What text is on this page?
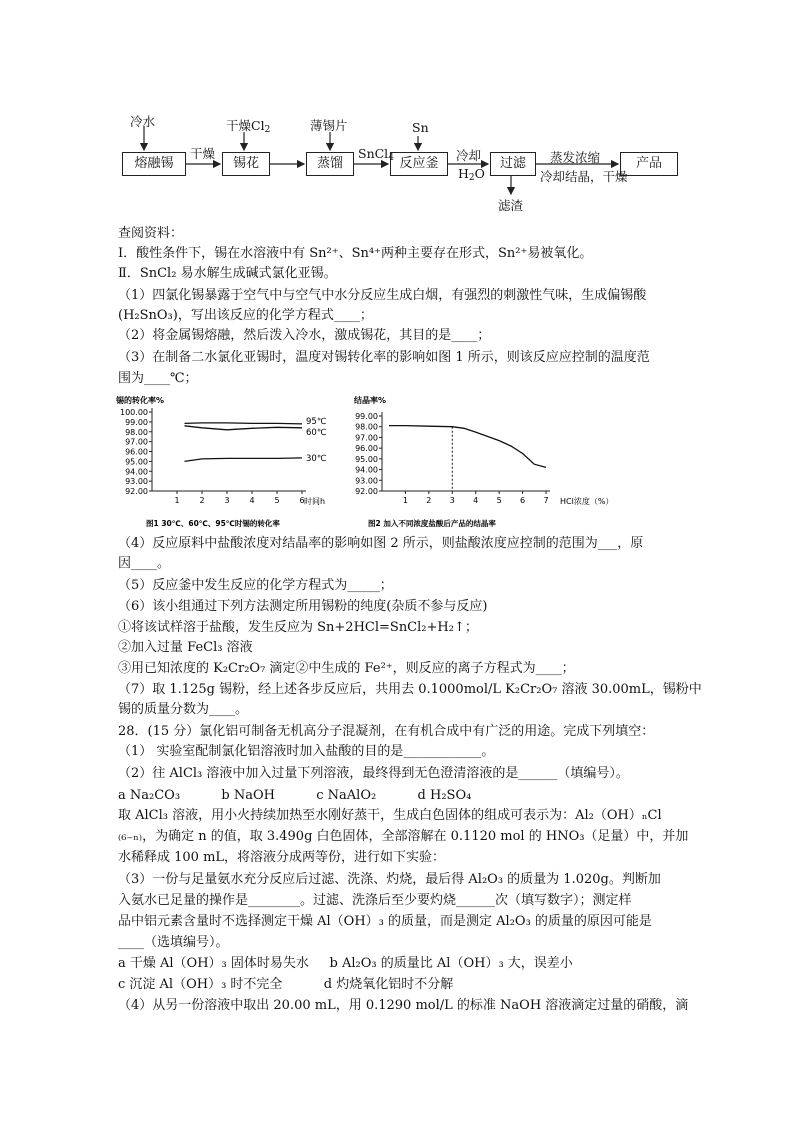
熔融锡	锡花	蒸馏	反应釜	过滤	产品
冷水	干燥$Cl_2$	薄锡片	Sn
干燥	SnCl$_4$	冷却
$H_2O$
蒸发浓缩
冷却结晶，干燥
滤渣
查阅资料：
Ⅰ．酸性条件下，锡在水溶液中有 Sn²⁺、Sn⁴⁺两种主要存在形式，Sn²⁺易被氧化。
Ⅱ．SnCl₂ 易水解生成碱式氯化亚锡。
（1）四氯化锡暴露于空气中与空气中水分反应生成白烟，有强烈的刺激性气味，生成偏锡酸
(H₂SnO₃)，写出该反应的化学方程式____；
（2）将金属锡熔融，然后泼入冷水，激成锡花，其目的是____；
（3）在制备二水氯化亚锡时，温度对锡转化率的影响如图 1 所示，则该反应应控制的温度范
围为____℃；
锡的转化率%
100.00
99.00
98.00
97.00
96.00
95.00
94.00
93.00
92.00
1 2 3 4 5 6 时间h
95℃
60℃
30℃
图1 30℃、60℃、95℃时锡的转化率
结晶率%
99.00
98.00
97.00
96.00
95.00
94.00
93.00
92.00
1 2 3 4 5 6 7 HCl浓度（%）
图2 加入不同浓度盐酸后产品的结晶率
（4）反应原料中盐酸浓度对结晶率的影响如图 2 所示，则盐酸浓度应控制的范围为___，原
因____。
（5）反应釜中发生反应的化学方程式为_____；
（6）该小组通过下列方法测定所用锡粉的纯度(杂质不参与反应)
①将该试样溶于盐酸，发生反应为 Sn+2HCl=SnCl₂+H₂↑；
②加入过量 FeCl₃ 溶液
③用已知浓度的 K₂Cr₂O₇ 滴定②中生成的 Fe²⁺，则反应的离子方程式为____；
（7）取 1.125g 锡粉，经上述各步反应后，共用去 0.1000mol/L K₂Cr₂O₇ 溶液 30.00mL，锡粉中
锡的质量分数为____。
28．(15 分）氯化铝可制备无机高分子混凝剂，在有机合成中有广泛的用途。完成下列填空：
（1） 实验室配制氯化铝溶液时加入盐酸的目的是____________。
（2）往 AlCl₃ 溶液中加入过量下列溶液，最终得到无色澄清溶液的是______（填编号）。
a Na₂CO₃          b NaOH          c NaAlO₂          d H₂SO₄
取 AlCl₃ 溶液，用小火持续加热至水刚好蒸干，生成白色固体的组成可表示为：Al₂（OH）ₙCl
₍₆₋ₙ₎，为确定 n 的值，取 3.490g 白色固体，全部溶解在 0.1120 mol 的 HNO₃（足量）中，并加
水稀释成 100 mL，将溶液分成两等份，进行如下实验：
（3）一份与足量氨水充分反应后过滤、洗涤、灼烧，最后得 Al₂O₃ 的质量为 1.020g。判断加
入氨水已足量的操作是________。过滤、洗涤后至少要灼烧______次（填写数字）；测定样
品中铝元素含量时不选择测定干燥 Al（OH）₃ 的质量，而是测定 Al₂O₃ 的质量的原因可能是
____（选填编号）。
a 干燥 Al（OH）₃ 固体时易失水     b Al₂O₃ 的质量比 Al（OH）₃ 大，误差小
c 沉淀 Al（OH）₃ 时不完全          d 灼烧氧化铝时不分解
（4）从另一份溶液中取出 20.00 mL，用 0.1290 mol/L 的标准 NaOH 溶液滴定过量的硝酸，滴
